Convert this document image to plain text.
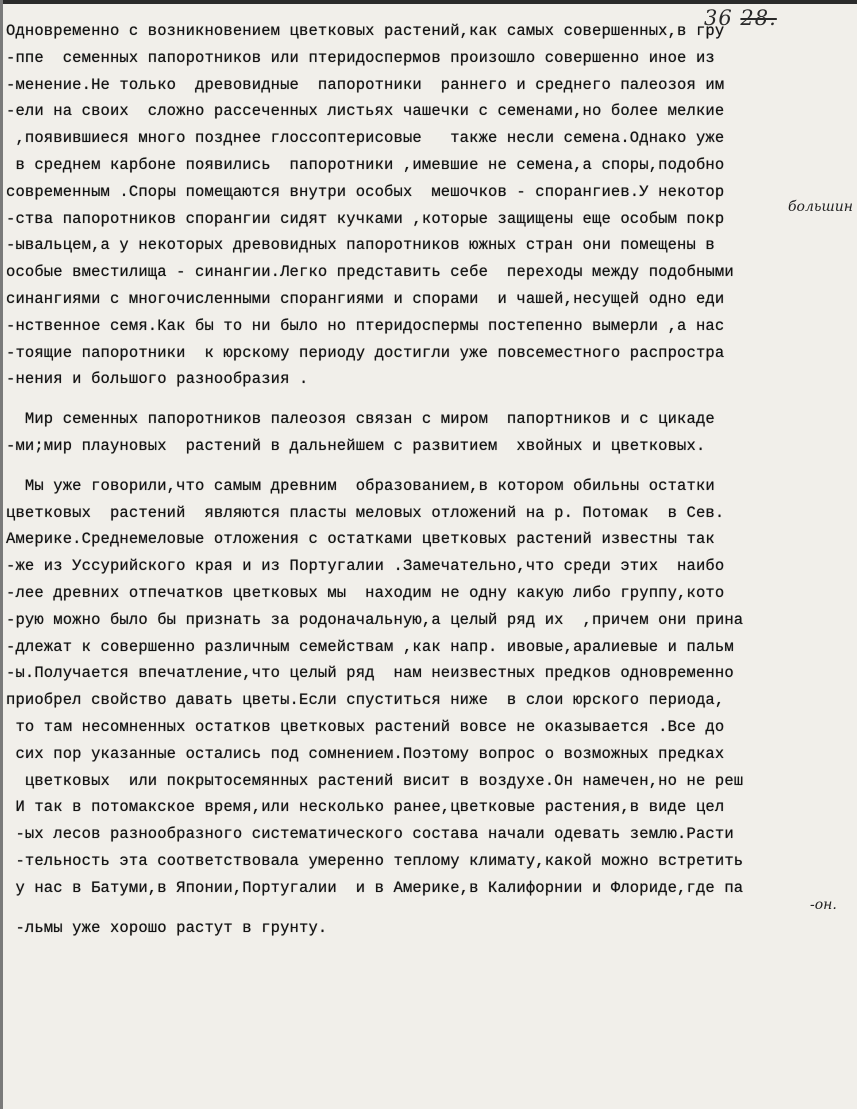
36 28.
Одновременно с возникновением цветковых растений,как самых совершенных,в гру
-ппе  семенных папоротников или птеридоспермов произошло совершенно иное из
-менение.Не только  древовидные  папоротники  раннего и среднего палеозоя им
-ели на своих  сложно рассеченных листьях чашечки с семенами,но более мелкие
,появившиеся много позднее глоссоптерисовые   также несли семена.Однако уже
в среднем карбоне появились  папоротники ,имевшие не семена,а споры,подобно
современным .Споры помещаются внутри особых  мешочков - спорангиев.У некотор
-ства папоротников спорангии сидят кучками ,которые защищены еще особым покр
-ывальцем,а у некоторых древовидных папоротников южных стран они помещены в
особые вместилища - синангии.Легко представить себе  переходы между подобными
синангиями с многочисленными спорангиями и спорами  и чашей,несущей одно еди
-нственное семя.Как бы то ни было но птеридоспермы постепенно вымерли ,а нас
-тоящие папоротники  к юрскому периоду достигли уже повсеместного распростра
-нения и большого разнообразия .
Мир семенных папоротников палеозоя связан с миром  папортников и с цикаде
-ми;мир плауновых  растений в дальнейшем с развитием  хвойных и цветковых.
Мы уже говорили,что самым древним  образованием,в котором обильны остатки
цветковых  растений  являются пласты меловых отложений на р. Потомак  в Сев.
Америке.Среднемеловые отложения с остатками цветковых растений известны так
-же из Уссурийского края и из Португалии .Замечательно,что среди этих  наибо
-лее древних отпечатков цветковых мы  находим не одну какую либо группу,кото
-рую можно было бы признать за родоначальную,а целый ряд их  ,причем они прина
-длежат к совершенно различным семействам ,как напр. ивовые,аралиевые и пальм
-ы.Получается впечатление,что целый ряд  нам неизвестных предков одновременно
приобрел свойство давать цветы.Если спуститься ниже  в слои юрского периода,
то там несомненных остатков цветковых растений вовсе не оказывается .Все до
сих пор указанные остались под сомнением.Поэтому вопрос о возможных предках
цветковых  или покрытосемянных растений висит в воздухе.Он намечен,но не реш
И так в потомакское время,или несколько ранее,цветковые растения,в виде цел
-ых лесов разнообразного систематического состава начали одевать землю.Расти
-тельность эта соответствовала умеренно теплому климату,какой можно встретить
у нас в Батуми,в Японии,Португалии  и в Америке,в Калифорнии и Флориде,где па
-льмы уже хорошо растут в грунту.
большин
-он.
